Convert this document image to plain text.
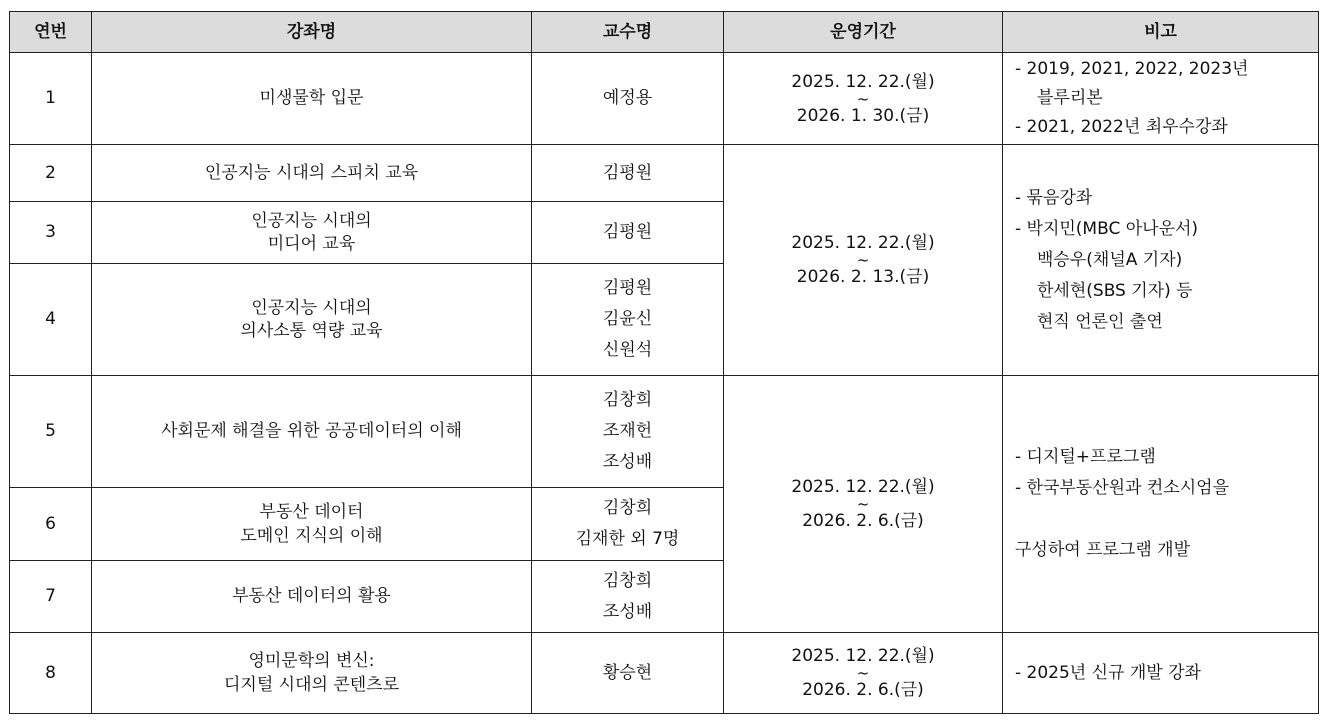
연번	강좌명	교수명	운영기간	비고
1	미생물학 입문	예정용	2025. 12. 22.(월)
~
2026. 1. 30.(금)	- 2019, 2021, 2022, 2023년
블루리본
- 2021, 2022년 최우수강좌

2	인공지능 시대의 스피치 교육	김평원	2025. 12. 22.(월)
~
2026. 2. 13.(금)	- 묶음강좌
- 박지민(MBC 아나운서)
백승우(채널A 기자)
한세현(SBS 기자) 등
현직 언론인 출연

3	인공지능 시대의
미디어 교육	김평원		

4	인공지능 시대의
의사소통 역량 교육	김평원
김윤신
신원석		

5	사회문제 해결을 위한 공공데이터의 이해	김창희
조재헌
조성배	2025. 12. 22.(월)
~
2026. 2. 6.(금)	- 디지털+프로그램
- 한국부동산원과 컨소시엄을
구성하여 프로그램 개발

6	부동산 데이터
도메인 지식의 이해	김창희
김재한 외 7명		

7	부동산 데이터의 활용	김창희
조성배		

8	영미문학의 변신:
디지털 시대의 콘텐츠로	황승현	2025. 12. 22.(월)
~
2026. 2. 6.(금)	- 2025년 신규 개발 강좌
